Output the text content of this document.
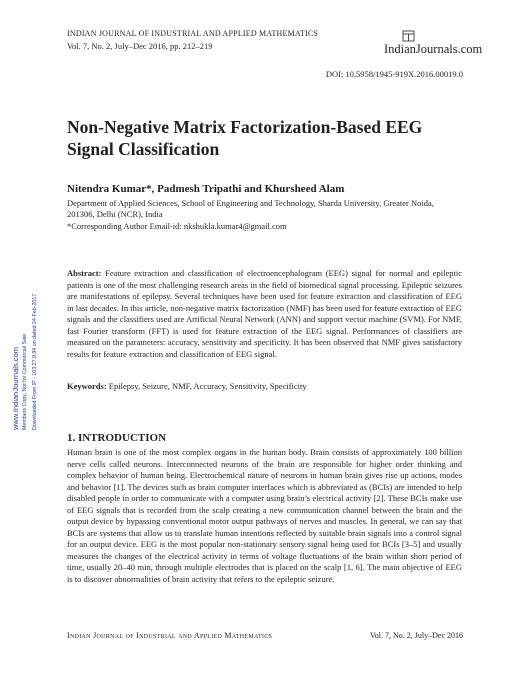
INDIAN JOURNAL OF INDUSTRIAL AND APPLIED MATHEMATICS
Vol. 7, No. 2, July–Dec 2016, pp. 212–219	IndianJournals.com
DOI: 10.5958/1945-919X.2016.00019.0
Non-Negative Matrix Factorization-Based EEG Signal Classification
Nitendra Kumar*, Padmesh Tripathi and Khursheed Alam
Department of Applied Sciences, School of Engineering and Technology, Sharda University, Greater Noida, 201306, Delhi (NCR), India
*Corresponding Author Email-id: nkshukla.kumar4@gmail.com
www.IndianJournals.com Members Copy, Not for Commercial Sale Downloaded From IP - 103.27.9.94 on dated 24-Feb-2017
Abstract: Feature extraction and classification of electroencephalogram (EEG) signal for normal and epileptic patients is one of the most challenging research areas in the field of biomedical signal processing. Epileptic seizures are manifestations of epilepsy. Several techniques have been used for feature extraction and classification of EEG in last decades. In this article, non-negative matrix factorization (NMF) has been used for feature extraction of EEG signals and the classifiers used are Artificial Neural Network (ANN) and support vector machine (SVM). For NMF, fast Fourier transform (FFT) is used for feature extraction of the EEG signal. Performances of classifiers are measured on the parameters: accuracy, sensitivity and specificity. It has been observed that NMF gives satisfactory results for feature extraction and classification of EEG signal.
Keywords: Epilepsy, Seizure, NMF, Accuracy, Sensitivity, Specificity
1. INTRODUCTION
Human brain is one of the most complex organs in the human body. Brain consists of approximately 100 billion nerve cells called neurons. Interconnected neurons of the brain are responsible for higher order thinking and complex behavior of human being. Electrochemical nature of neurons in human brain gives rise up actions, modes and behavior [1]. The devices such as brain computer interfaces which is abbreviated as (BCIs) are intended to help disabled people in order to communicate with a computer using brain’s electrical activity [2]. These BCIs make use of EEG signals that is recorded from the scalp creating a new communication channel between the brain and the output device by bypassing conventional motor output pathways of nerves and muscles. In general, we can say that BCIs are systems that allow us to translate human intentions reflected by suitable brain signals into a control signal for an output device. EEG is the most popular non-stationary sensory signal being used for BCIs [3–5] and usually measures the changes of the electrical activity in terms of voltage fluctuations of the brain within short period of time, usually 20–40 min, through multiple electrodes that is placed on the scalp [1, 6]. The main objective of EEG is to discover abnormalities of brain activity that refers to the epileptic seizure.
Indian Journal of Industrial and Applied Mathematics	Vol. 7, No. 2, July–Dec 2016
